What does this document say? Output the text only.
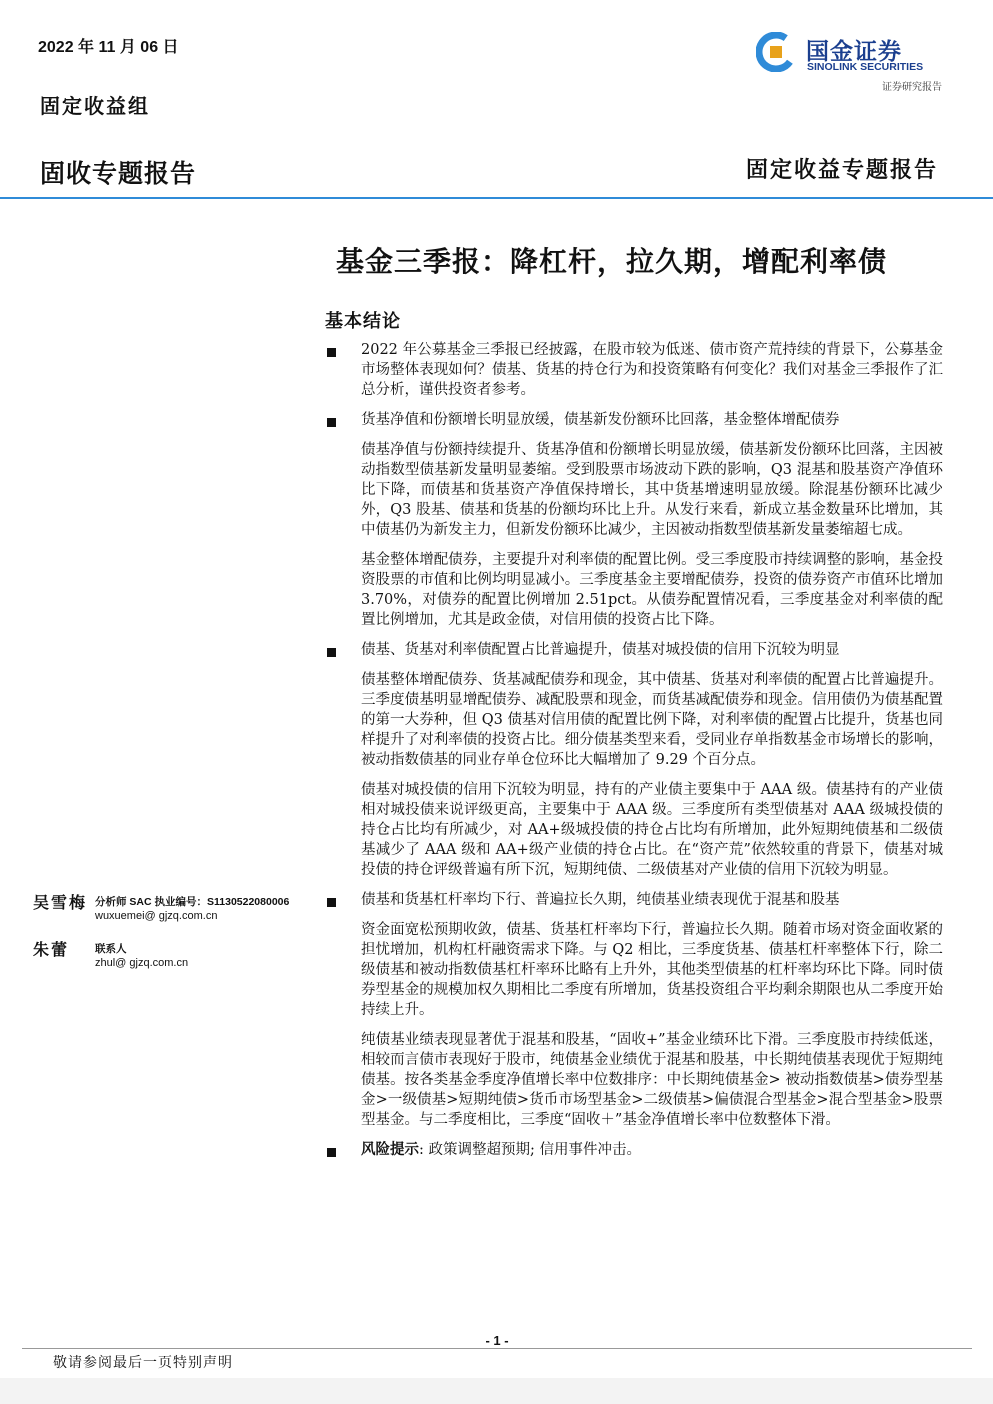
2022 年 11 月 06 日
固定收益组
固收专题报告	固定收益专题报告
国金证券
SINOLINK SECURITIES
证券研究报告
基金三季报：降杠杆，拉久期，增配利率债
基本结论
2022 年公募基金三季报已经披露，在股市较为低迷、债市资产荒持续的背景下，公募基金市场整体表现如何？债基、货基的持仓行为和投资策略有何变化？我们对基金三季报作了汇总分析，谨供投资者参考。
货基净值和份额增长明显放缓，债基新发份额环比回落，基金整体增配债券
债基净值与份额持续提升、货基净值和份额增长明显放缓，债基新发份额环比回落，主因被动指数型债基新发量明显萎缩。受到股票市场波动下跌的影响，Q3 混基和股基资产净值环比下降，而债基和货基资产净值保持增长，其中货基增速明显放缓。除混基份额环比减少外，Q3 股基、债基和货基的份额均环比上升。从发行来看，新成立基金数量环比增加，其中债基仍为新发主力，但新发份额环比减少，主因被动指数型债基新发量萎缩超七成。
基金整体增配债券，主要提升对利率债的配置比例。受三季度股市持续调整的影响，基金投资股票的市值和比例均明显减小。三季度基金主要增配债券，投资的债券资产市值环比增加 3.70%，对债券的配置比例增加 2.51pct。从债券配置情况看，三季度基金对利率债的配置比例增加，尤其是政金债，对信用债的投资占比下降。
债基、货基对利率债配置占比普遍提升，债基对城投债的信用下沉较为明显
债基整体增配债券、货基减配债券和现金，其中债基、货基对利率债的配置占比普遍提升。三季度债基明显增配债券、减配股票和现金，而货基减配债券和现金。信用债仍为债基配置的第一大券种，但 Q3 债基对信用债的配置比例下降，对利率债的配置占比提升，货基也同样提升了对利率债的投资占比。细分债基类型来看，受同业存单指数基金市场增长的影响，被动指数债基的同业存单仓位环比大幅增加了 9.29 个百分点。
债基对城投债的信用下沉较为明显，持有的产业债主要集中于 AAA 级。债基持有的产业债相对城投债来说评级更高，主要集中于 AAA 级。三季度所有类型债基对 AAA 级城投债的持仓占比均有所减少，对 AA+级城投债的持仓占比均有所增加，此外短期纯债基和二级债基减少了 AAA 级和 AA+级产业债的持仓占比。在“资产荒”依然较重的背景下，债基对城投债的持仓评级普遍有所下沉，短期纯债、二级债基对产业债的信用下沉较为明显。
债基和货基杠杆率均下行、普遍拉长久期，纯债基业绩表现优于混基和股基
资金面宽松预期收敛，债基、货基杠杆率均下行，普遍拉长久期。随着市场对资金面收紧的担忧增加，机构杠杆融资需求下降。与 Q2 相比，三季度货基、债基杠杆率整体下行，除二级债基和被动指数债基杠杆率环比略有上升外，其他类型债基的杠杆率均环比下降。同时债券型基金的规模加权久期相比二季度有所增加，货基投资组合平均剩余期限也从二季度开始持续上升。
纯债基业绩表现显著优于混基和股基，“固收+”基金业绩环比下滑。三季度股市持续低迷，相较而言债市表现好于股市，纯债基金业绩优于混基和股基，中长期纯债基表现优于短期纯债基。按各类基金季度净值增长率中位数排序：中长期纯债基金> 被动指数债基>债券型基金>一级债基>短期纯债>货币市场型基金>二级债基>偏债混合型基金>混合型基金>股票型基金。与二季度相比，三季度“固收＋”基金净值增长率中位数整体下滑。
风险提示: 政策调整超预期; 信用事件冲击。
吴雪梅 分析师 SAC 执业编号：S1130522080006
wuxuemei@ gjzq.com.cn
朱蕾 联系人
zhul@ gjzq.com.cn
- 1 -
敬请参阅最后一页特别声明
